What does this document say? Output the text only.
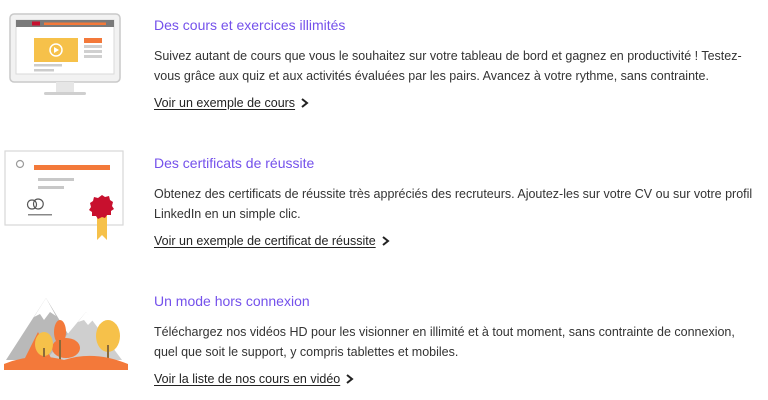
Des cours et exercices illimités

Suivez autant de cours que vous le souhaitez sur votre tableau de bord et gagnez en productivité ! Testez-vous grâce aux quiz et aux activités évaluées par les pairs. Avancez à votre rythme, sans contrainte.

Voir un exemple de cours
Des certificats de réussite

Obtenez des certificats de réussite très appréciés des recruteurs. Ajoutez-les sur votre CV ou sur votre profil LinkedIn en un simple clic.

Voir un exemple de certificat de réussite
Un mode hors connexion

Téléchargez nos vidéos HD pour les visionner en illimité et à tout moment, sans contrainte de connexion, quel que soit le support, y compris tablettes et mobiles.

Voir la liste de nos cours en vidéo
